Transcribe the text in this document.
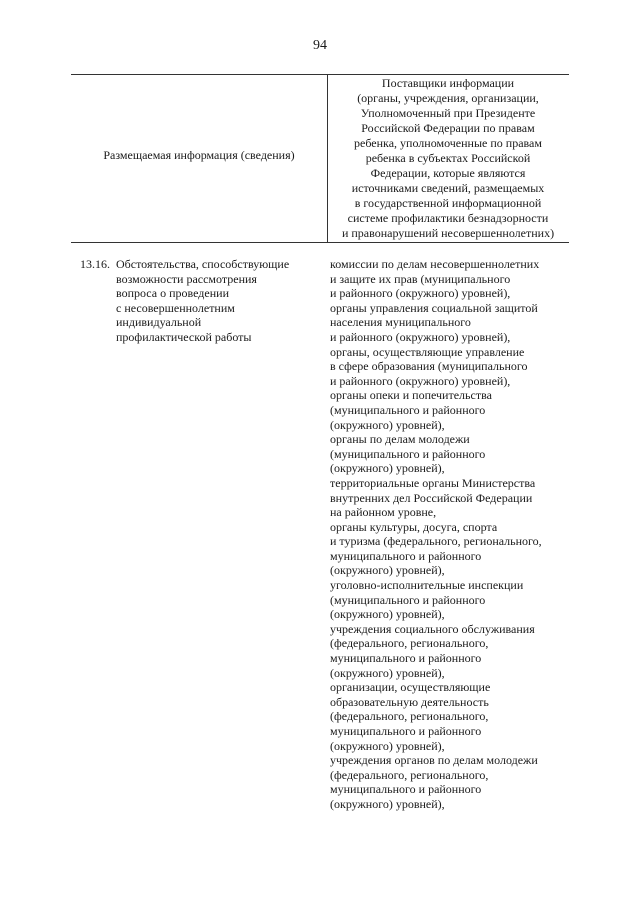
94
Размещаемая информация (сведения)
Поставщики информации
(органы, учреждения, организации,
Уполномоченный при Президенте
Российской Федерации по правам
ребенка, уполномоченные по правам
ребенка в субъектах Российской
Федерации, которые являются
источниками сведений, размещаемых
в государственной информационной
системе профилактики безнадзорности
и правонарушений несовершеннолетних)
13.16. Обстоятельства, способствующие
возможности рассмотрения
вопроса о проведении
с несовершеннолетним
индивидуальной
профилактической работы
комиссии по делам несовершеннолетних
и защите их прав (муниципального
и районного (окружного) уровней),
органы управления социальной защитой
населения муниципального
и районного (окружного) уровней),
органы, осуществляющие управление
в сфере образования (муниципального
и районного (окружного) уровней),
органы опеки и попечительства
(муниципального и районного
(окружного) уровней),
органы по делам молодежи
(муниципального и районного
(окружного) уровней),
территориальные органы Министерства
внутренних дел Российской Федерации
на районном уровне,
органы культуры, досуга, спорта
и туризма (федерального, регионального,
муниципального и районного
(окружного) уровней),
уголовно-исполнительные инспекции
(муниципального и районного
(окружного) уровней),
учреждения социального обслуживания
(федерального, регионального,
муниципального и районного
(окружного) уровней),
организации, осуществляющие
образовательную деятельность
(федерального, регионального,
муниципального и районного
(окружного) уровней),
учреждения органов по делам молодежи
(федерального, регионального,
муниципального и районного
(окружного) уровней),
